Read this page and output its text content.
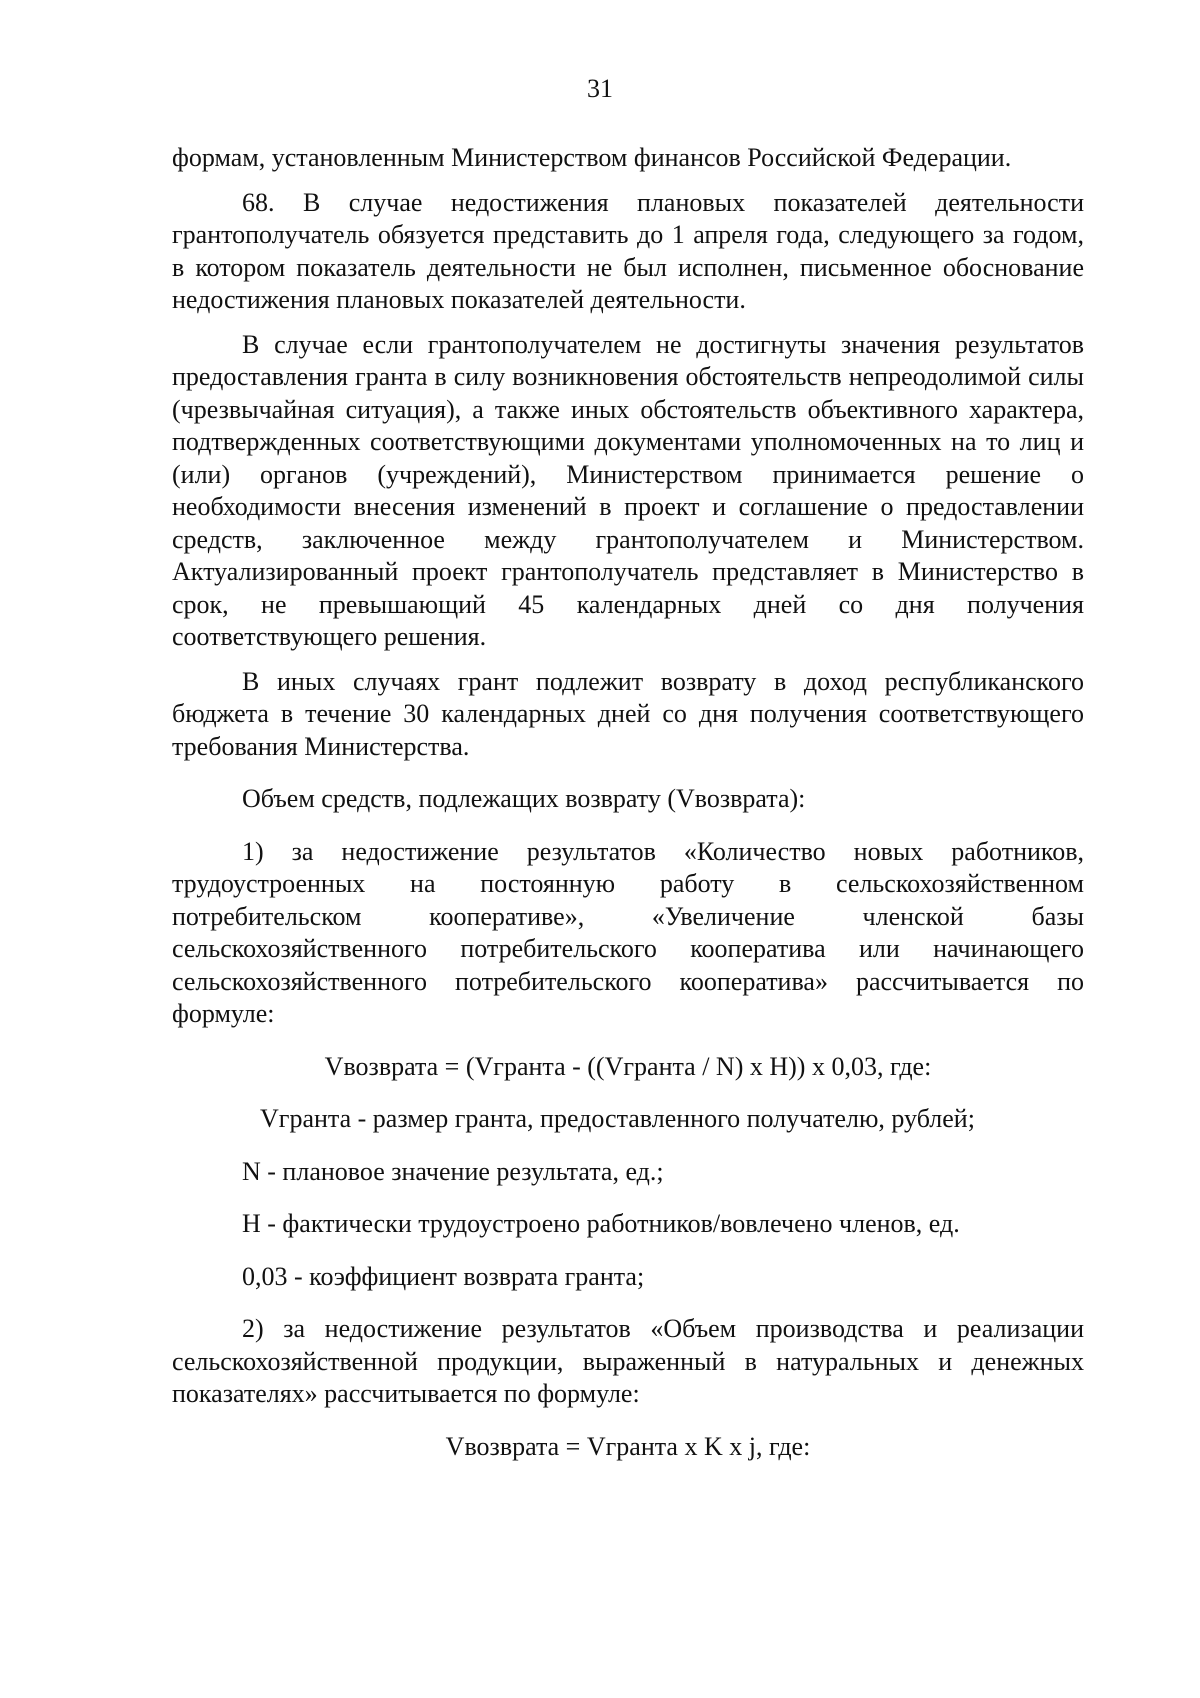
31

формам, установленным Министерством финансов Российской Федерации.

68. В случае недостижения плановых показателей деятельности грантополучатель обязуется представить до 1 апреля года, следующего за годом, в котором показатель деятельности не был исполнен, письменное обоснование недостижения плановых показателей деятельности.

В случае если грантополучателем не достигнуты значения результатов предоставления гранта в силу возникновения обстоятельств непреодолимой силы (чрезвычайная ситуация), а также иных обстоятельств объективного характера, подтвержденных соответствующими документами уполномоченных на то лиц и (или) органов (учреждений), Министерством принимается решение о необходимости внесения изменений в проект и соглашение о предоставлении средств, заключенное между грантополучателем и Министерством. Актуализированный проект грантополучатель представляет в Министерство в срок, не превышающий 45 календарных дней со дня получения соответствующего решения.

В иных случаях грант подлежит возврату в доход республиканского бюджета в течение 30 календарных дней со дня получения соответствующего требования Министерства.

Объем средств, подлежащих возврату (Vвозврата):

1) за недостижение результатов «Количество новых работников, трудоустроенных на постоянную работу в сельскохозяйственном потребительском кооперативе», «Увеличение членской базы сельскохозяйственного потребительского кооператива или начинающего сельскохозяйственного потребительского кооператива» рассчитывается по формуле:

Vвозврата = (Vгранта - ((Vгранта / N) х Н)) х 0,03, где:

Vгранта - размер гранта, предоставленного получателю, рублей;

N - плановое значение результата, ед.;

Н - фактически трудоустроено работников/вовлечено членов, ед.

0,03 - коэффициент возврата гранта;

2) за недостижение результатов «Объем производства и реализации сельскохозяйственной продукции, выраженный в натуральных и денежных показателях» рассчитывается по формуле:

Vвозврата = Vгранта х K х j, где:
